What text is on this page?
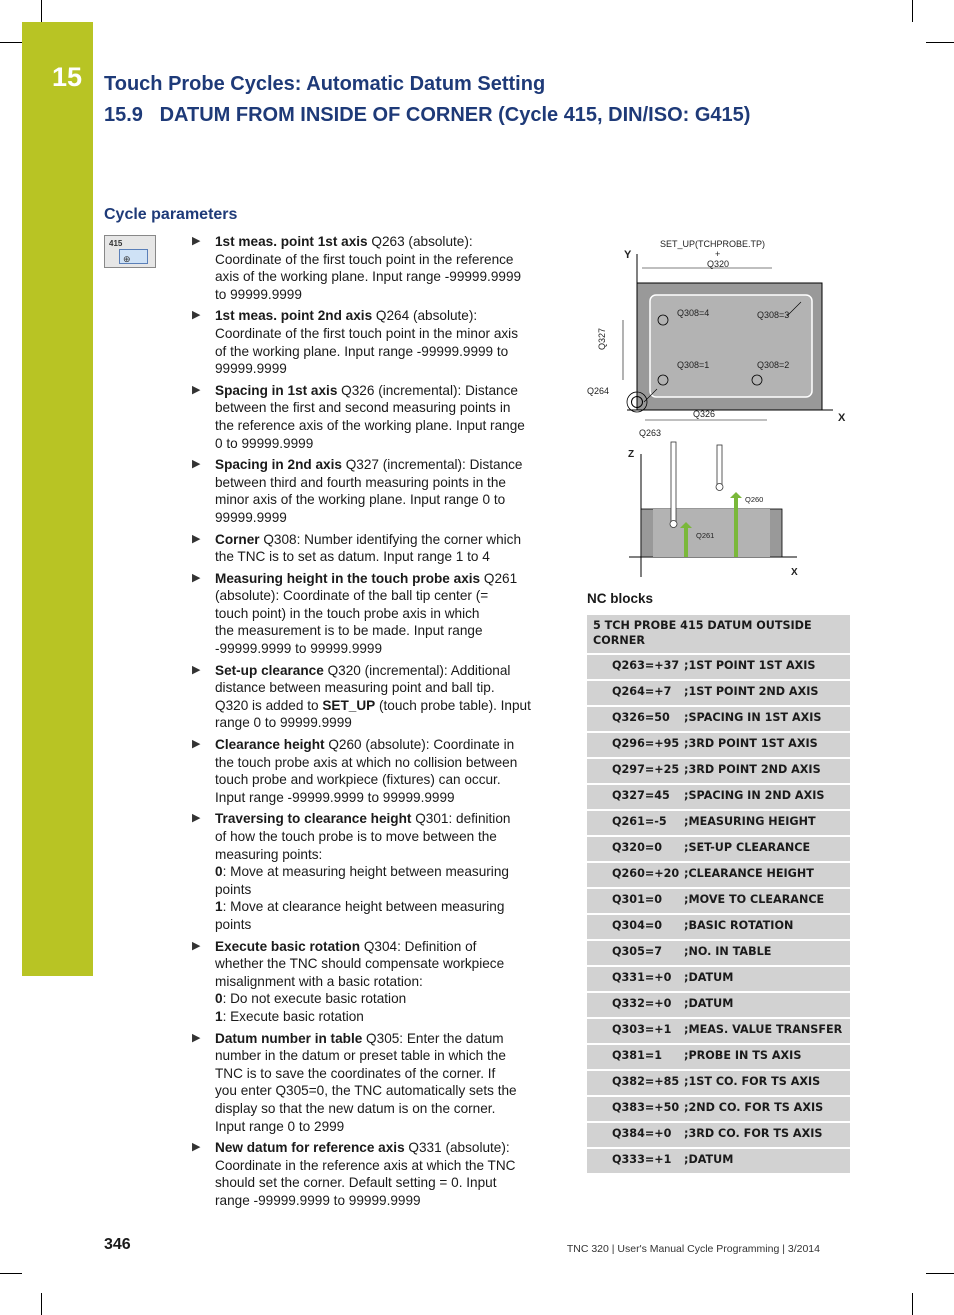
15 Touch Probe Cycles: Automatic Datum Setting
15.9   DATUM FROM INSIDE OF CORNER (Cycle 415, DIN/ISO: G415)
Cycle parameters
415
⊕
▶ 1st meas. point 1st axis Q263 (absolute):
Coordinate of the first touch point in the reference
axis of the working plane. Input range -99999.9999
to 99999.9999
▶ 1st meas. point 2nd axis Q264 (absolute):
Coordinate of the first touch point in the minor axis
of the working plane. Input range -99999.9999 to
99999.9999
▶ Spacing in 1st axis Q326 (incremental): Distance
between the first and second measuring points in
the reference axis of the working plane. Input range
0 to 99999.9999
▶ Spacing in 2nd axis Q327 (incremental): Distance
between third and fourth measuring points in the
minor axis of the working plane. Input range 0 to
99999.9999
▶ Corner Q308: Number identifying the corner which
the TNC is to set as datum. Input range 1 to 4
▶ Measuring height in the touch probe axis Q261
(absolute): Coordinate of the ball tip center (=
touch point) in the touch probe axis in which
the measurement is to be made. Input range
-99999.9999 to 99999.9999
▶ Set-up clearance Q320 (incremental): Additional
distance between measuring point and ball tip.
Q320 is added to SET_UP (touch probe table). Input
range 0 to 99999.9999
▶ Clearance height Q260 (absolute): Coordinate in
the touch probe axis at which no collision between
touch probe and workpiece (fixtures) can occur.
Input range -99999.9999 to 99999.9999
▶ Traversing to clearance height Q301: definition
of how the touch probe is to move between the
measuring points:
0: Move at measuring height between measuring
points
1: Move at clearance height between measuring
points
▶ Execute basic rotation Q304: Definition of
whether the TNC should compensate workpiece
misalignment with a basic rotation:
0: Do not execute basic rotation
1: Execute basic rotation
▶ Datum number in table Q305: Enter the datum
number in the datum or preset table in which the
TNC is to save the coordinates of the corner. If
you enter Q305=0, the TNC automatically sets the
display so that the new datum is on the corner.
Input range 0 to 2999
▶ New datum for reference axis Q331 (absolute):
Coordinate in the reference axis at which the TNC
should set the corner. Default setting = 0. Input
range -99999.9999 to 99999.9999
Y
X
SET_UP(TCHPROBE.TP)
+
Q320
Q308=4	Q308=3
Q308=1	Q308=2
Q327
Q264
Q326
Q263
Z
X
Q260
Q261
NC blocks
5 TCH PROBE 415 DATUM OUTSIDE
CORNER	

Q263=+37	;1ST POINT 1ST AXIS
Q264=+7	;1ST POINT 2ND AXIS
Q326=50	;SPACING IN 1ST AXIS
Q296=+95	;3RD POINT 1ST AXIS
Q297=+25	;3RD POINT 2ND AXIS
Q327=45	;SPACING IN 2ND AXIS
Q261=-5	;MEASURING HEIGHT
Q320=0	;SET-UP CLEARANCE
Q260=+20	;CLEARANCE HEIGHT
Q301=0	;MOVE TO CLEARANCE
Q304=0	;BASIC ROTATION
Q305=7	;NO. IN TABLE
Q331=+0	;DATUM
Q332=+0	;DATUM
Q303=+1	;MEAS. VALUE TRANSFER
Q381=1	;PROBE IN TS AXIS
Q382=+85	;1ST CO. FOR TS AXIS
Q383=+50	;2ND CO. FOR TS AXIS
Q384=+0	;3RD CO. FOR TS AXIS
Q333=+1	;DATUM
346	TNC 320 | User's Manual Cycle Programming | 3/2014
